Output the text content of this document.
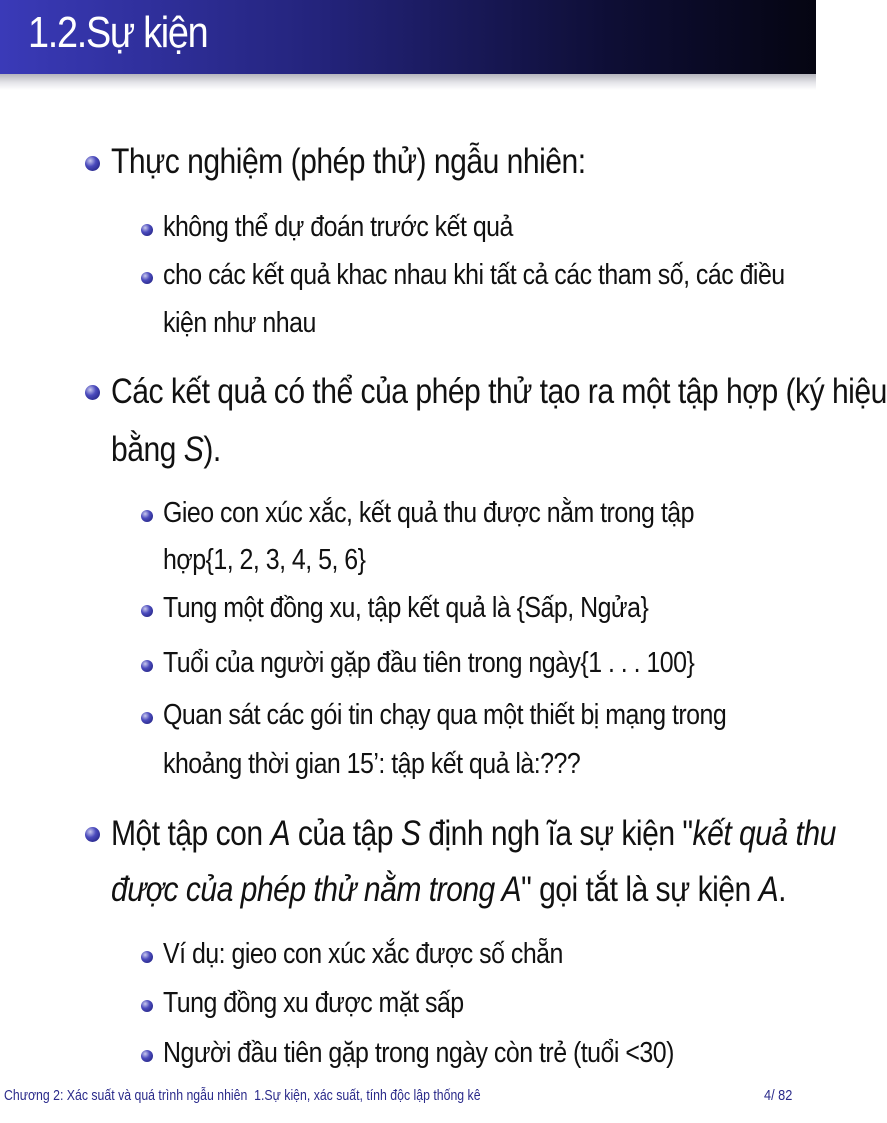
1.2.Sự kiện
Thực nghiệm (phép thử) ngẫu nhiên:
không thể dự đoán trước kết quả
cho các kết quả khac nhau khi tất cả các tham số, các điều
kiện như nhau
Các kết quả có thể của phép thử tạo ra một tập hợp (ký hiệu
bằng S).
Gieo con xúc xắc, kết quả thu được nằm trong tập
hợp{1, 2, 3, 4, 5, 6}
Tung một đồng xu, tập kết quả là {Sấp, Ngửa}
Tuổi của người gặp đầu tiên trong ngày{1 . . . 100}
Quan sát các gói tin chạy qua một thiết bị mạng trong
khoảng thời gian 15’: tập kết quả là:???
Một tập con A của tập S định ngh ĩa sự kiện "kết quả thu
được của phép thử nằm trong A" gọi tắt là sự kiện A.
Ví dụ: gieo con xúc xắc được số chẵn
Tung đồng xu được mặt sấp
Người đầu tiên gặp trong ngày còn trẻ (tuổi <30)
Chương 2: Xác suất và quá trình ngẫu nhiên 1.Sự kiện, xác suất, tính độc lập thống kê	4/ 82
